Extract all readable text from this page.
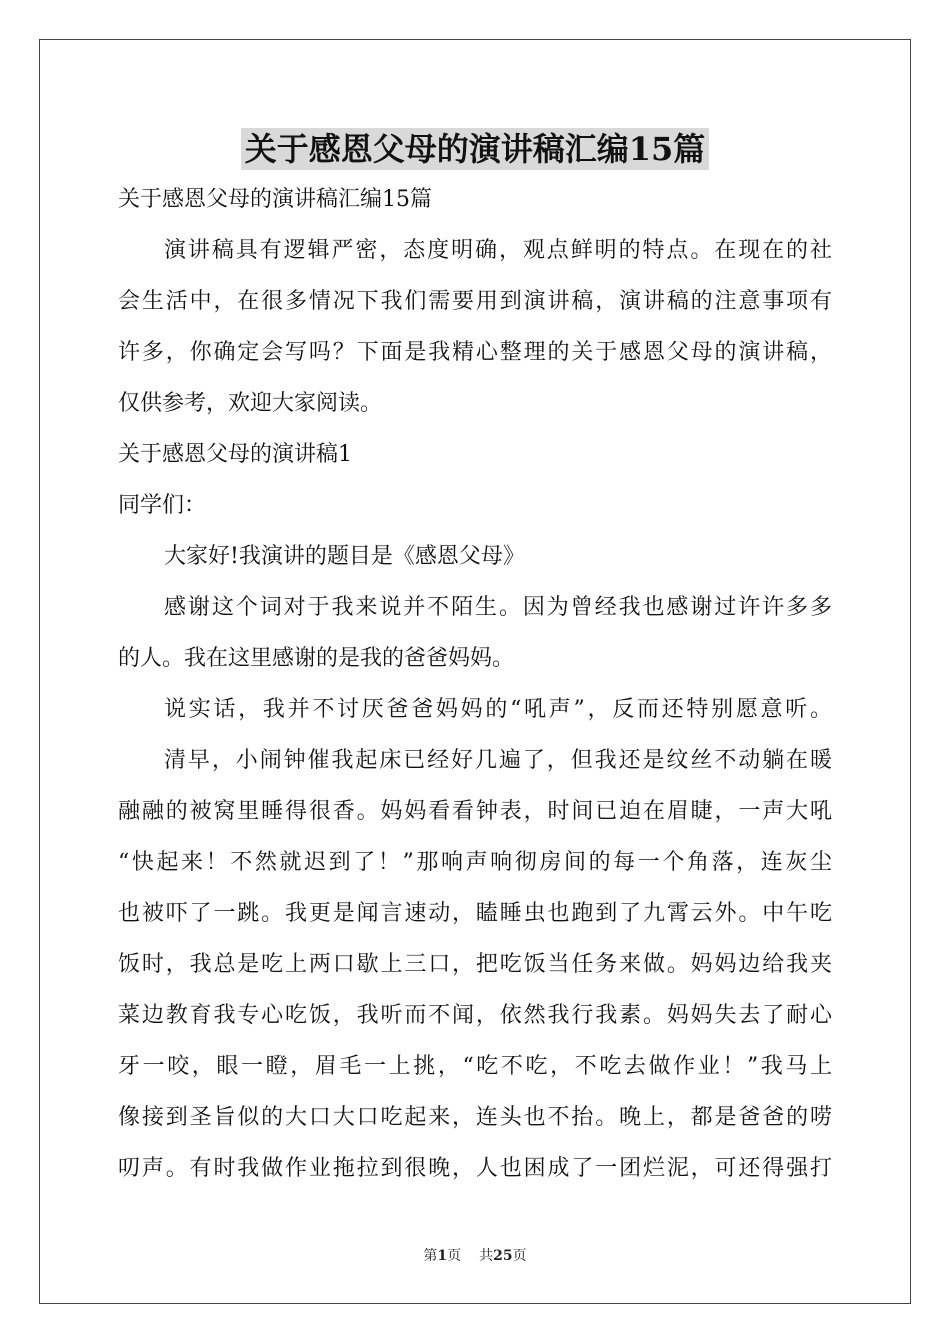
关于感恩父母的演讲稿汇编15篇
关于感恩父母的演讲稿汇编15篇
演讲稿具有逻辑严密，态度明确，观点鲜明的特点。在现在的社
会生活中，在很多情况下我们需要用到演讲稿，演讲稿的注意事项有
许多，你确定会写吗？下面是我精心整理的关于感恩父母的演讲稿，
仅供参考，欢迎大家阅读。
关于感恩父母的演讲稿1
同学们：
大家好!我演讲的题目是《感恩父母》
感谢这个词对于我来说并不陌生。因为曾经我也感谢过许许多多
的人。我在这里感谢的是我的爸爸妈妈。
说实话，我并不讨厌爸爸妈妈的“吼声”，反而还特别愿意听。
清早，小闹钟催我起床已经好几遍了，但我还是纹丝不动躺在暖
融融的被窝里睡得很香。妈妈看看钟表，时间已迫在眉睫，一声大吼
“快起来！不然就迟到了！”那响声响彻房间的每一个角落，连灰尘
也被吓了一跳。我更是闻言速动，瞌睡虫也跑到了九霄云外。中午吃
饭时，我总是吃上两口歇上三口，把吃饭当任务来做。妈妈边给我夹
菜边教育我专心吃饭，我听而不闻，依然我行我素。妈妈失去了耐心
牙一咬，眼一瞪，眉毛一上挑，“吃不吃，不吃去做作业！”我马上
像接到圣旨似的大口大口吃起来，连头也不抬。晚上，都是爸爸的唠
叨声。有时我做作业拖拉到很晚，人也困成了一团烂泥，可还得强打
第1页 共25页
